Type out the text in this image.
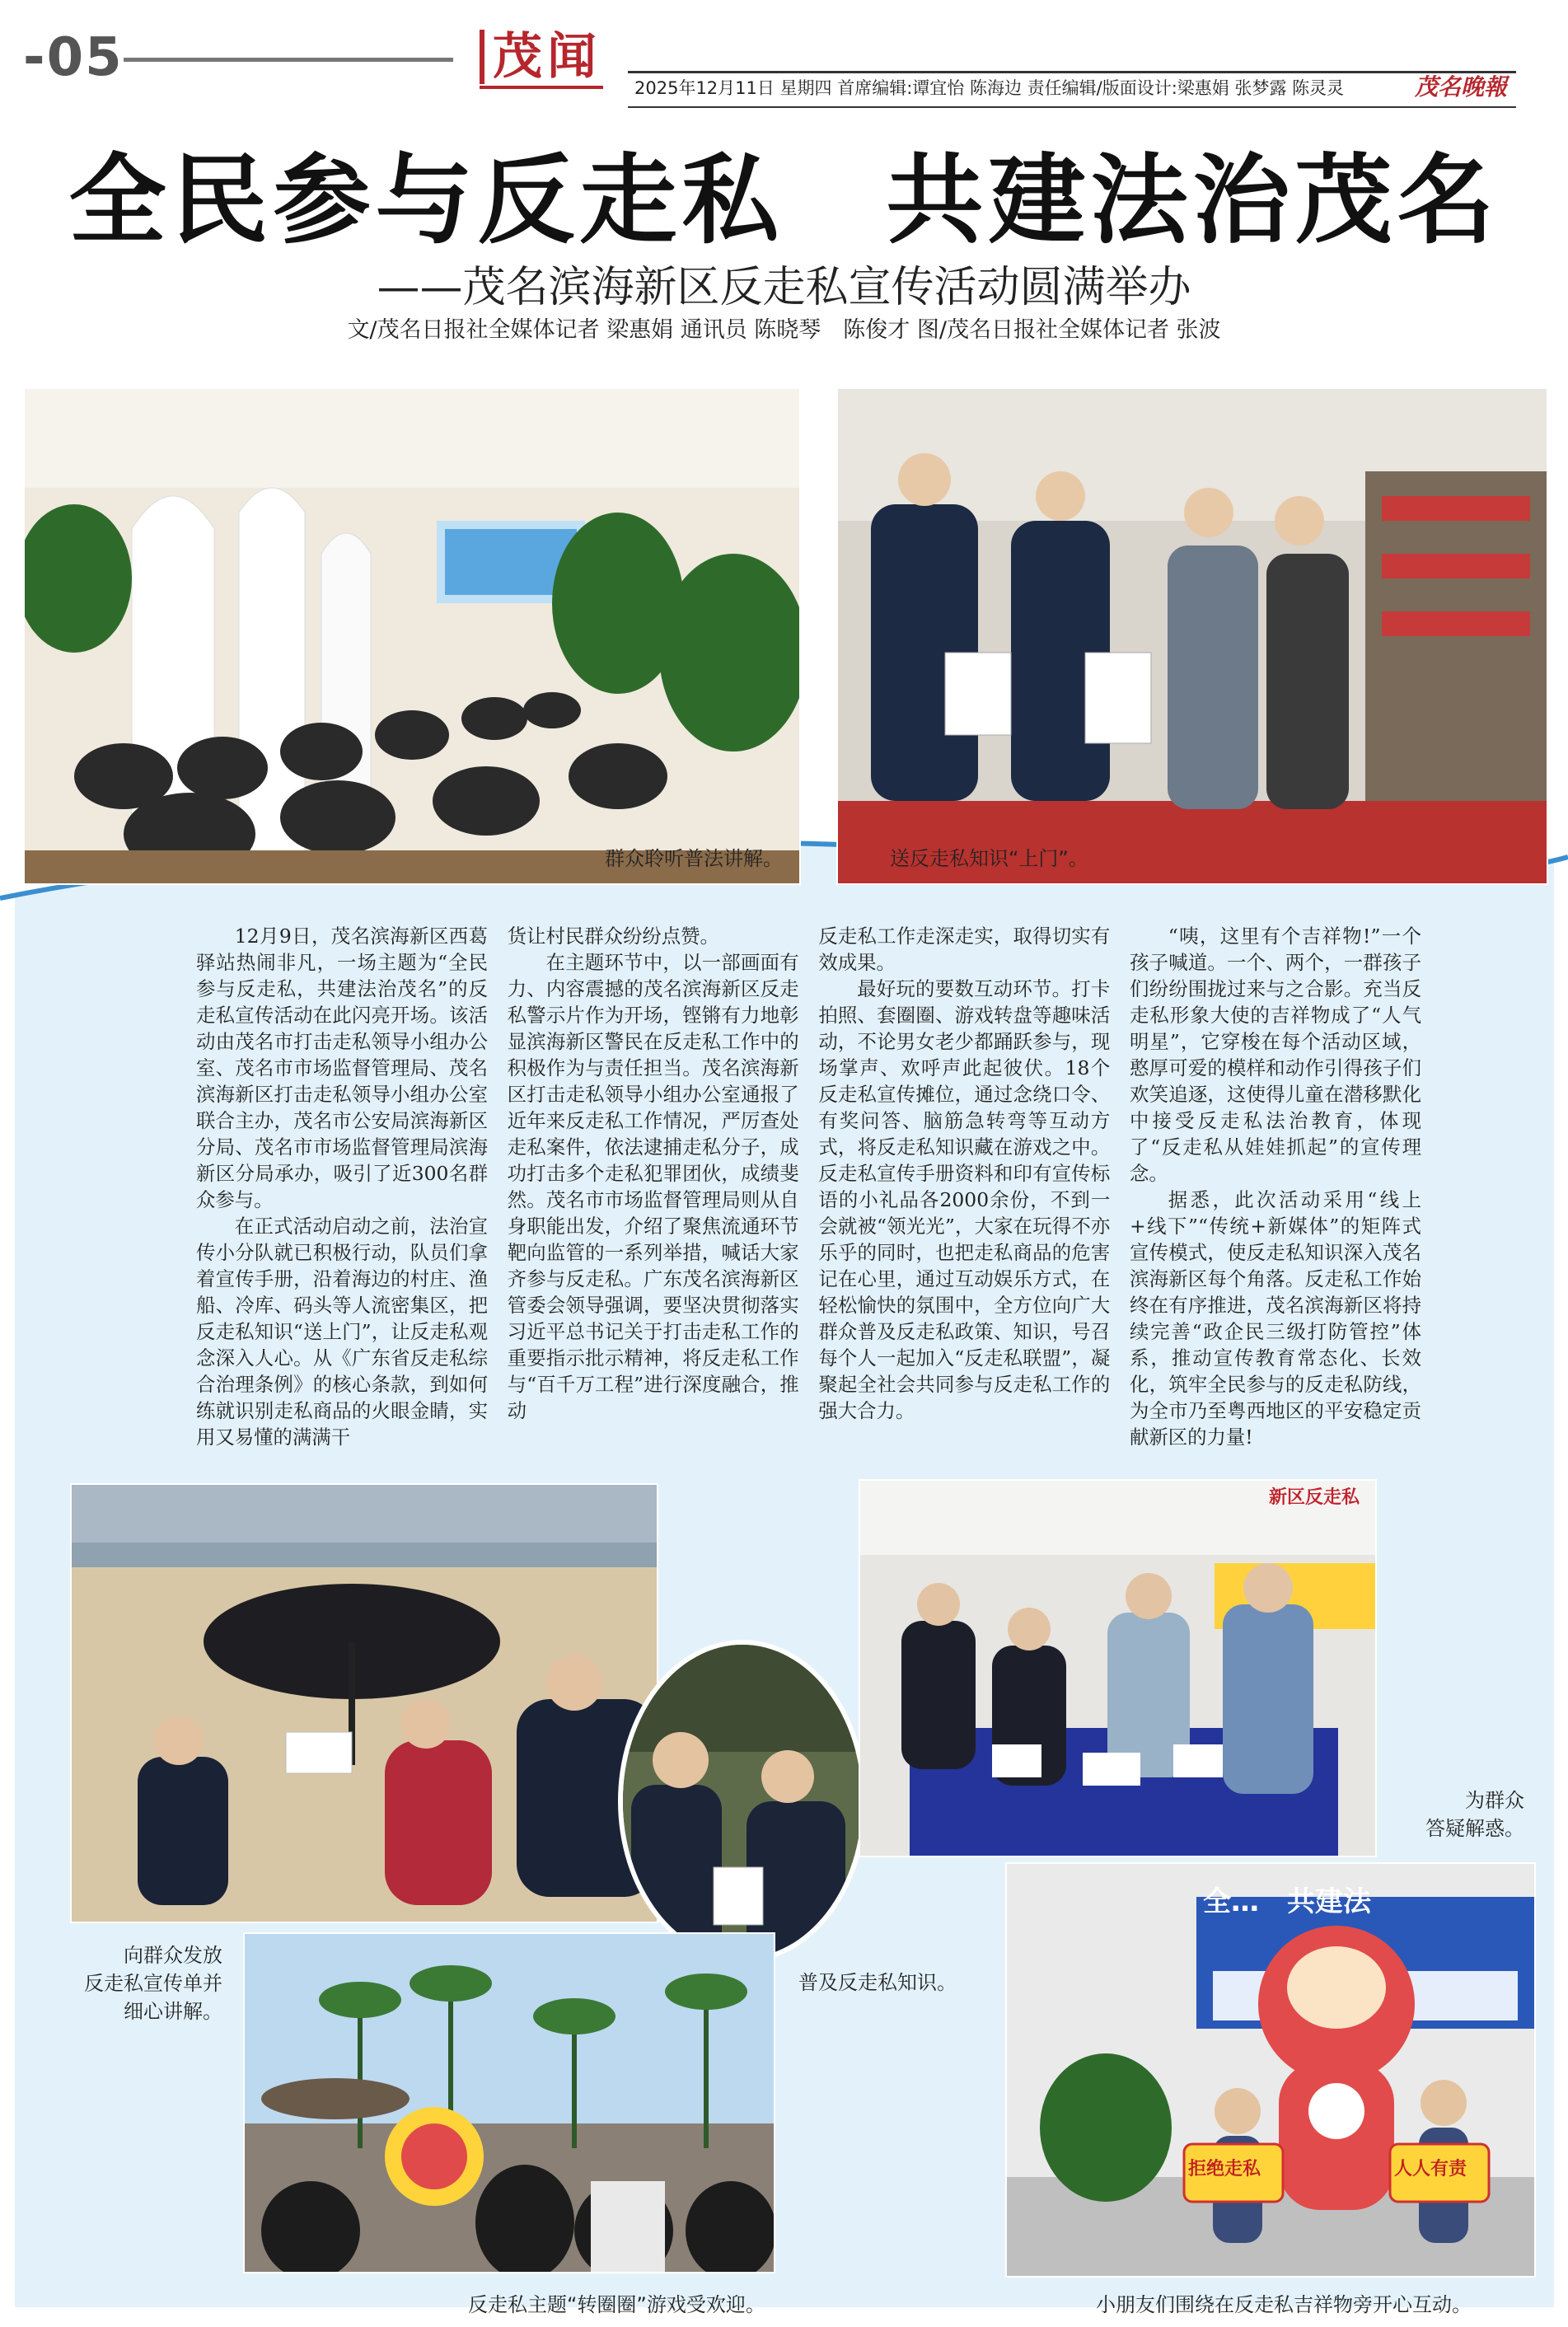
-05	茂闻
2025年12月11日 星期四 首席编辑:谭宜怡 陈海边 责任编辑/版面设计:梁惠娟 张梦露 陈灵灵	茂名晚報
全民参与反走私　共建法治茂名
——茂名滨海新区反走私宣传活动圆满举办
文/茂名日报社全媒体记者 梁惠娟 通讯员 陈晓琴　陈俊才 图/茂名日报社全媒体记者 张波
群众聆听普法讲解。	送反走私知识“上门”。

12月9日，茂名滨海新区西葛驿站热闹非凡，一场主题为“全民参与反走私，共建法治茂名”的反走私宣传活动在此闪亮开场。该活动由茂名市打击走私领导小组办公室、茂名市市场监督管理局、茂名滨海新区打击走私领导小组办公室联合主办，茂名市公安局滨海新区分局、茂名市市场监督管理局滨海新区分局承办，吸引了近300名群众参与。

在正式活动启动之前，法治宣传小分队就已积极行动，队员们拿着宣传手册，沿着海边的村庄、渔船、冷库、码头等人流密集区，把反走私知识“送上门”，让反走私观念深入人心。从《广东省反走私综合治理条例》的核心条款，到如何练就识别走私商品的火眼金睛，实用又易懂的满满干

货让村民群众纷纷点赞。

在主题环节中，以一部画面有力、内容震撼的茂名滨海新区反走私警示片作为开场，铿锵有力地彰显滨海新区警民在反走私工作中的积极作为与责任担当。茂名滨海新区打击走私领导小组办公室通报了近年来反走私工作情况，严厉查处走私案件，依法逮捕走私分子，成功打击多个走私犯罪团伙，成绩斐然。茂名市市场监督管理局则从自身职能出发，介绍了聚焦流通环节靶向监管的一系列举措，喊话大家齐参与反走私。广东茂名滨海新区管委会领导强调，要坚决贯彻落实习近平总书记关于打击走私工作的重要指示批示精神，将反走私工作与“百千万工程”进行深度融合，推动

反走私工作走深走实，取得切实有效成果。

最好玩的要数互动环节。打卡拍照、套圈圈、游戏转盘等趣味活动，不论男女老少都踊跃参与，现场掌声、欢呼声此起彼伏。18个反走私宣传摊位，通过念绕口令、有奖问答、脑筋急转弯等互动方式，将反走私知识藏在游戏之中。反走私宣传手册资料和印有宣传标语的小礼品各2000余份，不到一会就被“领光光”，大家在玩得不亦乐乎的同时，也把走私商品的危害记在心里，通过互动娱乐方式，在轻松愉快的氛围中，全方位向广大群众普及反走私政策、知识，号召每个人一起加入“反走私联盟”，凝聚起全社会共同参与反走私工作的强大合力。

“咦，这里有个吉祥物!”一个孩子喊道。一个、两个，一群孩子们纷纷围拢过来与之合影。充当反走私形象大使的吉祥物成了“人气明星”，它穿梭在每个活动区域，憨厚可爱的模样和动作引得孩子们欢笑追逐，这使得儿童在潜移默化中接受反走私法治教育，体现了“反走私从娃娃抓起”的宣传理念。

据悉，此次活动采用“线上+线下”“传统+新媒体”的矩阵式宣传模式，使反走私知识深入茂名滨海新区每个角落。反走私工作始终在有序推进，茂名滨海新区将持续完善“政企民三级打防管控”体系，推动宣传教育常态化、长效化，筑牢全民参与的反走私防线，为全市乃至粤西地区的平安稳定贡献新区的力量!

向群众发放
反走私宣传单并
细心讲解。
普及反走私知识。
新区反走私
为群众
答疑解惑。
反走私主题“转圈圈”游戏受欢迎。
全…　共建法
拒绝走私	人人有责
小朋友们围绕在反走私吉祥物旁开心互动。
